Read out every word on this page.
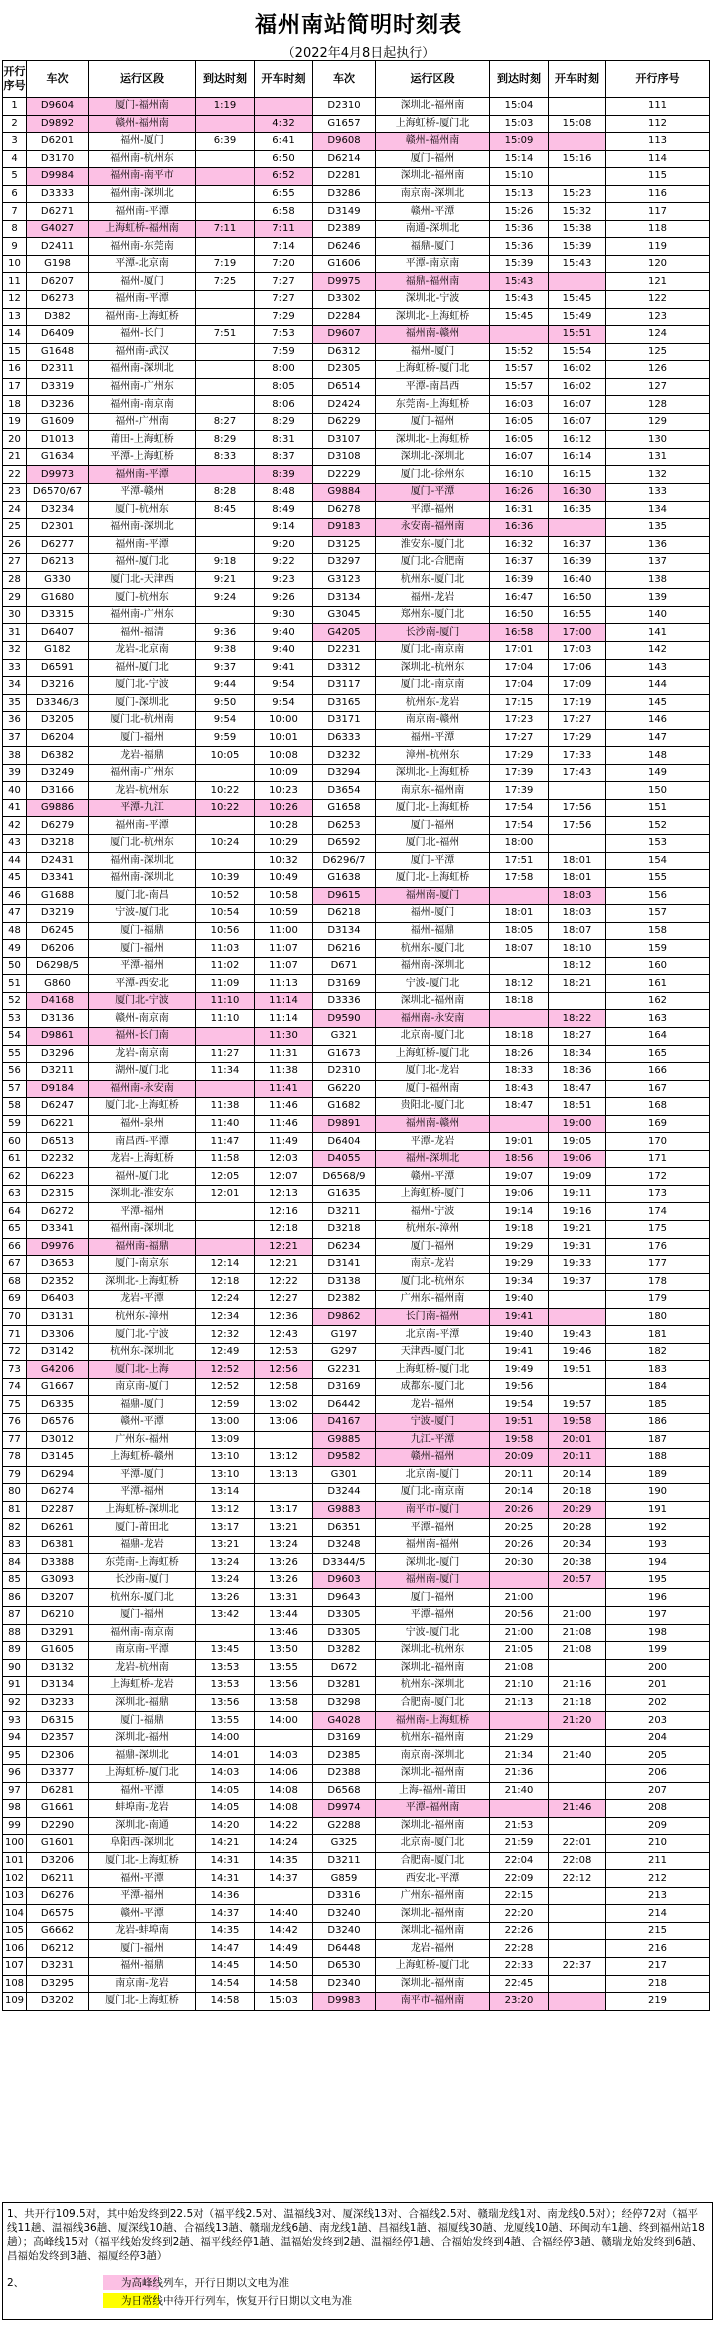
福州南站简明时刻表
（2022年4月8日起执行）
开行序号	车次	运行区段	到达时刻	开车时刻	车次	运行区段	到达时刻	开车时刻	开行序号
1	D9604	厦门-福州南	1:19		D2310	深圳北-福州南	15:04		111
2	D9892	赣州-福州南		4:32	G1657	上海虹桥-厦门北	15:03	15:08	112
3	D6201	福州-厦门	6:39	6:41	D9608	赣州-福州南	15:09		113
4	D3170	福州南-杭州东		6:50	D6214	厦门-福州	15:14	15:16	114
5	D9984	福州南-南平市		6:52	D2281	深圳北-福州南	15:10		115
6	D3333	福州南-深圳北		6:55	D3286	南京南-深圳北	15:13	15:23	116
7	D6271	福州南-平潭		6:58	D3149	赣州-平潭	15:26	15:32	117
8	G4027	上海虹桥-福州南	7:11	7:11	D2389	南通-深圳北	15:36	15:38	118
9	D2411	福州南-东莞南		7:14	D6246	福鼎-厦门	15:36	15:39	119
10	G198	平潭-北京南	7:19	7:20	G1606	平潭-南京南	15:39	15:43	120
11	D6207	福州-厦门	7:25	7:27	D9975	福鼎-福州南	15:43		121
12	D6273	福州南-平潭		7:27	D3302	深圳北-宁波	15:43	15:45	122
13	D382	福州南-上海虹桥		7:29	D2284	深圳北-上海虹桥	15:45	15:49	123
14	D6409	福州-长门	7:51	7:53	D9607	福州南-赣州		15:51	124
15	G1648	福州南-武汉		7:59	D6312	福州-厦门	15:52	15:54	125
16	D2311	福州南-深圳北		8:00	D2305	上海虹桥-厦门北	15:57	16:02	126
17	D3319	福州南-广州东		8:05	D6514	平潭-南昌西	15:57	16:02	127
18	D3236	福州南-南京南		8:06	D2424	东莞南-上海虹桥	16:03	16:07	128
19	G1609	福州-广州南	8:27	8:29	D6229	厦门-福州	16:05	16:07	129
20	D1013	莆田-上海虹桥	8:29	8:31	D3107	深圳北-上海虹桥	16:05	16:12	130
21	G1634	平潭-上海虹桥	8:33	8:37	D3108	深圳北-深圳北	16:07	16:14	131
22	D9973	福州南-平潭		8:39	D2229	厦门北-徐州东	16:10	16:15	132
23	D6570/67	平潭-赣州	8:28	8:48	G9884	厦门-平潭	16:26	16:30	133
24	D3234	厦门-杭州东	8:45	8:49	D6278	平潭-福州	16:31	16:35	134
25	D2301	福州南-深圳北		9:14	D9183	永安南-福州南	16:36		135
26	D6277	福州南-平潭		9:20	D3125	淮安东-厦门北	16:32	16:37	136
27	D6213	福州-厦门北	9:18	9:22	D3297	厦门北-合肥南	16:37	16:39	137
28	G330	厦门北-天津西	9:21	9:23	G3123	杭州东-厦门北	16:39	16:40	138
29	G1680	厦门-杭州东	9:24	9:26	D3134	福州-龙岩	16:47	16:50	139
30	D3315	福州南-广州东		9:30	G3045	郑州东-厦门北	16:50	16:55	140
31	D6407	福州-福清	9:36	9:40	G4205	长沙南-厦门	16:58	17:00	141
32	G182	龙岩-北京南	9:38	9:40	D2231	厦门北-南京南	17:01	17:03	142
33	D6591	福州-厦门北	9:37	9:41	D3312	深圳北-杭州东	17:04	17:06	143
34	D3216	厦门北-宁波	9:44	9:54	D3117	厦门北-南京南	17:04	17:09	144
35	D3346/3	厦门-深圳北	9:50	9:54	D3165	杭州东-龙岩	17:15	17:19	145
36	D3205	厦门北-杭州南	9:54	10:00	D3171	南京南-赣州	17:23	17:27	146
37	D6204	厦门-福州	9:59	10:01	D6333	福州-平潭	17:27	17:29	147
38	D6382	龙岩-福鼎	10:05	10:08	D3232	漳州-杭州东	17:29	17:33	148
39	D3249	福州南-广州东		10:09	D3294	深圳北-上海虹桥	17:39	17:43	149
40	D3166	龙岩-杭州东	10:22	10:23	D3654	南京东-福州南	17:39		150
41	G9886	平潭-九江	10:22	10:26	G1658	厦门北-上海虹桥	17:54	17:56	151
42	D6279	福州南-平潭		10:28	D6253	厦门-福州	17:54	17:56	152
43	D3218	厦门北-杭州东	10:24	10:29	D6592	厦门北-福州	18:00		153
44	D2431	福州南-深圳北		10:32	D6296/7	厦门-平潭	17:51	18:01	154
45	D3341	福州南-深圳北	10:39	10:49	G1638	厦门北-上海虹桥	17:58	18:01	155
46	G1688	厦门北-南昌	10:52	10:58	D9615	福州南-厦门		18:03	156
47	D3219	宁波-厦门北	10:54	10:59	D6218	福州-厦门	18:01	18:03	157
48	D6245	厦门-福鼎	10:56	11:00	D3134	福州-福鼎	18:05	18:07	158
49	D6206	厦门-福州	11:03	11:07	D6216	杭州东-厦门北	18:07	18:10	159
50	D6298/5	平潭-福州	11:02	11:07	D671	福州南-深圳北		18:12	160
51	G860	平潭-西安北	11:09	11:13	D3169	宁波-厦门北	18:12	18:21	161
52	D4168	厦门北-宁波	11:10	11:14	D3336	深圳北-福州南	18:18		162
53	D3136	赣州-南京南	11:10	11:14	D9590	福州南-永安南		18:22	163
54	D9861	福州-长门南		11:30	G321	北京南-厦门北	18:18	18:27	164
55	D3296	龙岩-南京南	11:27	11:31	G1673	上海虹桥-厦门北	18:26	18:34	165
56	D3211	湖州-厦门北	11:34	11:38	D2310	厦门北-龙岩	18:33	18:36	166
57	D9184	福州南-永安南		11:41	G6220	厦门-福州南	18:43	18:47	167
58	D6247	厦门北-上海虹桥	11:38	11:46	G1682	贵阳北-厦门北	18:47	18:51	168
59	D6221	福州-泉州	11:40	11:46	D9891	福州南-赣州		19:00	169
60	D6513	南昌西-平潭	11:47	11:49	D6404	平潭-龙岩	19:01	19:05	170
61	D2232	龙岩-上海虹桥	11:58	12:03	D4055	福州-深圳北	18:56	19:06	171
62	D6223	福州-厦门北	12:05	12:07	D6568/9	赣州-平潭	19:07	19:09	172
63	D2315	深圳北-淮安东	12:01	12:13	G1635	上海虹桥-厦门	19:06	19:11	173
64	D6272	平潭-福州		12:16	D3211	福州-宁波	19:14	19:16	174
65	D3341	福州南-深圳北		12:18	D3218	杭州东-漳州	19:18	19:21	175
66	D9976	福州南-福鼎		12:21	D6234	厦门-福州	19:29	19:31	176
67	D3653	厦门-南京东	12:14	12:21	D3141	南京-龙岩	19:29	19:33	177
68	D2352	深圳北-上海虹桥	12:18	12:22	D3138	厦门北-杭州东	19:34	19:37	178
69	D6403	龙岩-平潭	12:24	12:27	D2382	广州东-福州南	19:40		179
70	D3131	杭州东-漳州	12:34	12:36	D9862	长门南-福州	19:41		180
71	D3306	厦门北-宁波	12:32	12:43	G197	北京南-平潭	19:40	19:43	181
72	D3142	杭州东-深圳北	12:49	12:53	G297	天津西-厦门北	19:41	19:46	182
73	G4206	厦门北-上海	12:52	12:56	G2231	上海虹桥-厦门北	19:49	19:51	183
74	G1667	南京南-厦门	12:52	12:58	D3169	成都东-厦门北	19:56		184
75	D6335	福鼎-厦门	12:59	13:02	D6442	龙岩-福州	19:54	19:57	185
76	D6576	赣州-平潭	13:00	13:06	D4167	宁波-厦门	19:51	19:58	186
77	D3012	广州东-福州	13:09		G9885	九江-平潭	19:58	20:01	187
78	D3145	上海虹桥-赣州	13:10	13:12	D9582	赣州-福州	20:09	20:11	188
79	D6294	平潭-厦门	13:10	13:13	G301	北京南-厦门	20:11	20:14	189
80	D6274	平潭-福州	13:14		D3244	厦门北-南京南	20:14	20:18	190
81	D2287	上海虹桥-深圳北	13:12	13:17	G9883	南平市-厦门	20:26	20:29	191
82	D6261	厦门-莆田北	13:17	13:21	D6351	平潭-福州	20:25	20:28	192
83	D6381	福鼎-龙岩	13:21	13:24	D3248	福州南-福州	20:26	20:34	193
84	D3388	东莞南-上海虹桥	13:24	13:26	D3344/5	深圳北-厦门	20:30	20:38	194
85	G3093	长沙南-厦门	13:24	13:26	D9603	福州南-厦门		20:57	195
86	D3207	杭州东-厦门北	13:26	13:31	D9643	厦门-福州	21:00		196
87	D6210	厦门-福州	13:42	13:44	D3305	平潭-福州	20:56	21:00	197
88	D3291	福州南-南京南		13:46	D3305	宁波-厦门北	21:00	21:08	198
89	G1605	南京南-平潭	13:45	13:50	D3282	深圳北-杭州东	21:05	21:08	199
90	D3132	龙岩-杭州南	13:53	13:55	D672	深圳北-福州南	21:08		200
91	D3134	上海虹桥-龙岩	13:53	13:56	D3281	杭州东-深圳北	21:10	21:16	201
92	D3233	深圳北-福鼎	13:56	13:58	D3298	合肥南-厦门北	21:13	21:18	202
93	D6315	厦门-福鼎	13:55	14:00	G4028	福州南-上海虹桥		21:20	203
94	D2357	深圳北-福州	14:00		D3169	杭州东-福州南	21:29		204
95	D2306	福鼎-深圳北	14:01	14:03	D2385	南京南-深圳北	21:34	21:40	205
96	D3377	上海虹桥-厦门北	14:03	14:06	D2388	深圳北-福州南	21:36		206
97	D6281	福州-平潭	14:05	14:08	D6568	上海-福州-莆田	21:40		207
98	G1661	蚌埠南-龙岩	14:05	14:08	D9974	平潭-福州南		21:46	208
99	D2290	深圳北-南通	14:20	14:22	G2288	深圳北-福州南	21:53		209
100	G1601	阜阳西-深圳北	14:21	14:24	G325	北京南-厦门北	21:59	22:01	210
101	D3206	厦门北-上海虹桥	14:31	14:35	D3211	合肥南-厦门北	22:04	22:08	211
102	D6211	福州-平潭	14:31	14:37	G859	西安北-平潭	22:09	22:12	212
103	D6276	平潭-福州	14:36		D3316	广州东-福州南	22:15		213
104	D6575	赣州-平潭	14:37	14:40	D3240	深圳北-福州南	22:20		214
105	G6662	龙岩-蚌埠南	14:35	14:42	D3240	深圳北-福州南	22:26		215
106	D6212	厦门-福州	14:47	14:49	D6448	龙岩-福州	22:28		216
107	D3231	福州-福鼎	14:45	14:50	D6530	上海虹桥-厦门北	22:33	22:37	217
108	D3295	南京南-龙岩	14:54	14:58	D2340	深圳北-福州南	22:45		218
109	D3202	厦门北-上海虹桥	14:58	15:03	D9983	南平市-福州南	23:20		219
1、共开行109.5对，其中始发终到22.5对（福平线2.5对、温福线3对、厦深线13对、合福线2.5对、赣瑞龙线1对、南龙线0.5对）；经停72对（福平线11趟、温福线36趟、厦深线10趟、合福线13趟、赣瑞龙线6趟、南龙线1趟、昌福线1趟、福厦线30趟、龙厦线10趟、环闽动车1趟、终到福州站18趟）；高峰线15对（福平线始发终到2趟、福平线经停1趟、温福始发终到2趟、温福经停1趟、合福始发终到4趟、合福经停3趟、赣瑞龙始发终到6趟、昌福始发终到3趟、福厦经停3趟）
2、	为高峰线列车，开行日期以文电为准
为日常线中待开行列车，恢复开行日期以文电为准
